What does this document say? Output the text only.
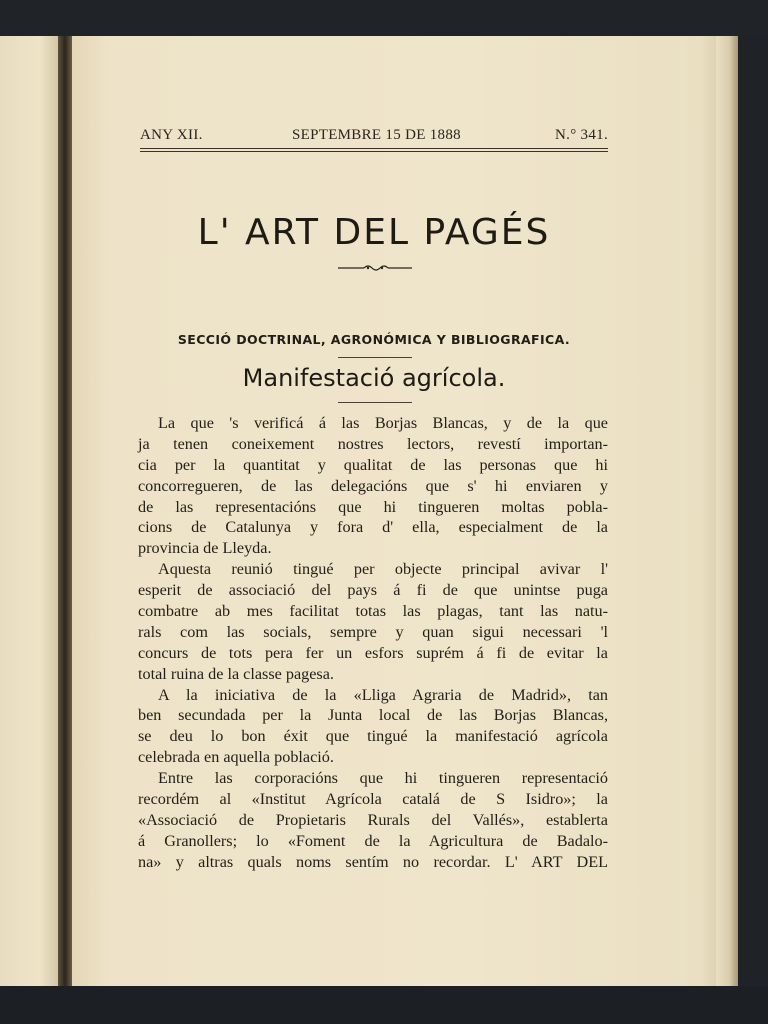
ANY XII.	SEPTEMBRE 15 DE 1888	N.° 341.
L' ART DEL PAGÉS
SECCIÓ DOCTRINAL, AGRONÓMICA Y BIBLIOGRAFICA.
Manifestació agrícola.
La que 's verificá á las Borjas Blancas, y de la que
ja tenen coneixement nostres lectors, revestí importan-
cia per la quantitat y qualitat de las personas que hi
concorregueren, de las delegacións que s' hi enviaren y
de las representacións que hi tingueren moltas pobla-
cions de Catalunya y fora d' ella, especialment de la
provincia de Lleyda.
Aquesta reunió tingué per objecte principal avivar l'
esperit de associació del pays á fi de que unintse puga
combatre ab mes facilitat totas las plagas, tant las natu-
rals com las socials, sempre y quan sigui necessari 'l
concurs de tots pera fer un esfors suprém á fi de evitar la
total ruina de la classe pagesa.
A la iniciativa de la «Lliga Agraria de Madrid», tan
ben secundada per la Junta local de las Borjas Blancas,
se deu lo bon éxit que tingué la manifestació agrícola
celebrada en aquella població.
Entre las corporacións que hi tingueren representació
recordém al «Institut Agrícola catalá de S Isidro»; la
«Associació de Propietaris Rurals del Vallés», establerta
á Granollers; lo «Foment de la Agricultura de Badalo-
na» y altras quals noms sentím no recordar. L' ART DEL
